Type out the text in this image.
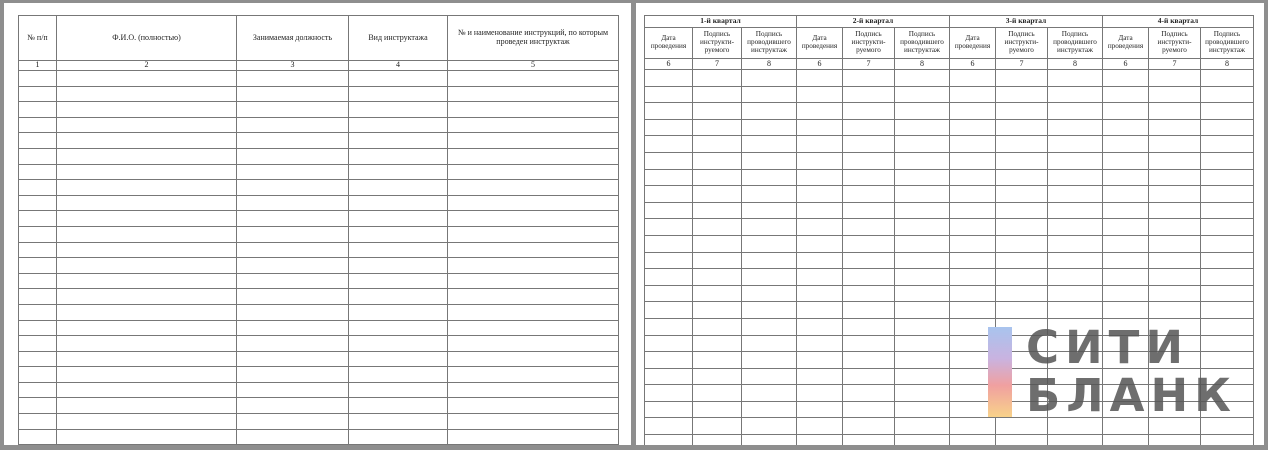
№ п/п	Ф.И.О. (полностью)	Занимаемая должность	Вид инструктажа	№ и наименование инструкций, по которым проведен инструктаж
1	2	3	4	5

1-й квартал			2-й квартал			3-й квартал			4-й квартал		
Дата проведения	Подпись инструкти-руемого	Подпись проводившего инструктаж	Дата проведения	Подпись инструкти-руемого	Подпись проводившего инструктаж	Дата проведения	Подпись инструкти-руемого	Подпись проводившего инструктаж	Дата проведения	Подпись инструкти-руемого	Подпись проводившего инструктаж
6	7	8	6	7	8	6	7	8	6	7	8

СИТИ
БЛАНК
